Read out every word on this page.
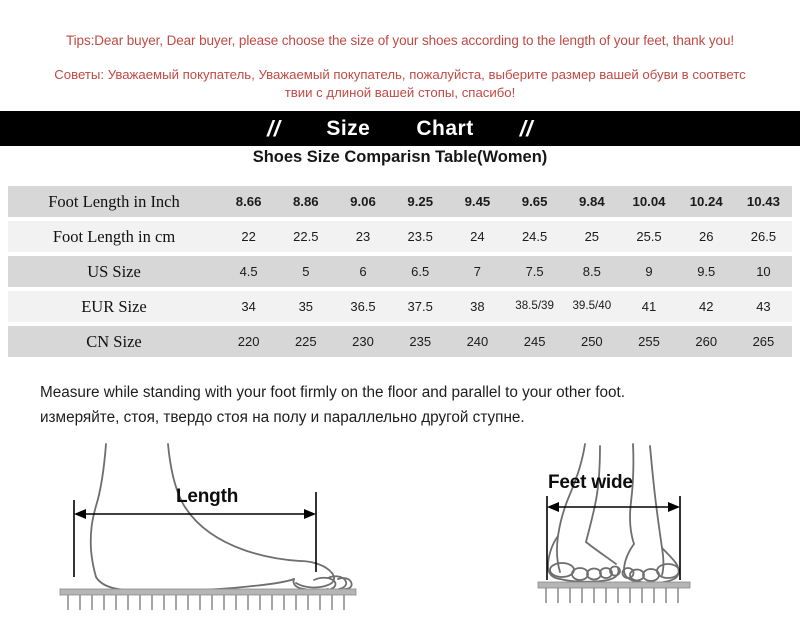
Tips:Dear buyer, Dear buyer, please choose the size of your shoes according to the length of your feet, thank you!
Советы: Уважаемый покупатель, Уважаемый покупатель, пожалуйста, выберите размер вашей обуви в соответс
твии с длиной вашей стопы, спасибо!
// Size Chart //
Shoes Size Comparisn Table(Women)
Foot Length in Inch	8.66	8.86	9.06	9.25	9.45	9.65	9.84	10.04	10.24	10.43
Foot Length in cm	22	22.5	23	23.5	24	24.5	25	25.5	26	26.5
US Size	4.5	5	6	6.5	7	7.5	8.5	9	9.5	10
EUR Size	34	35	36.5	37.5	38	38.5/39	39.5/40	41	42	43
CN Size	220	225	230	235	240	245	250	255	260	265
Measure while standing with your foot firmly on the floor and parallel to your other foot.
измеряйте, стоя, твердо стоя на полу и параллельно другой ступне.
Length
Feet wide
